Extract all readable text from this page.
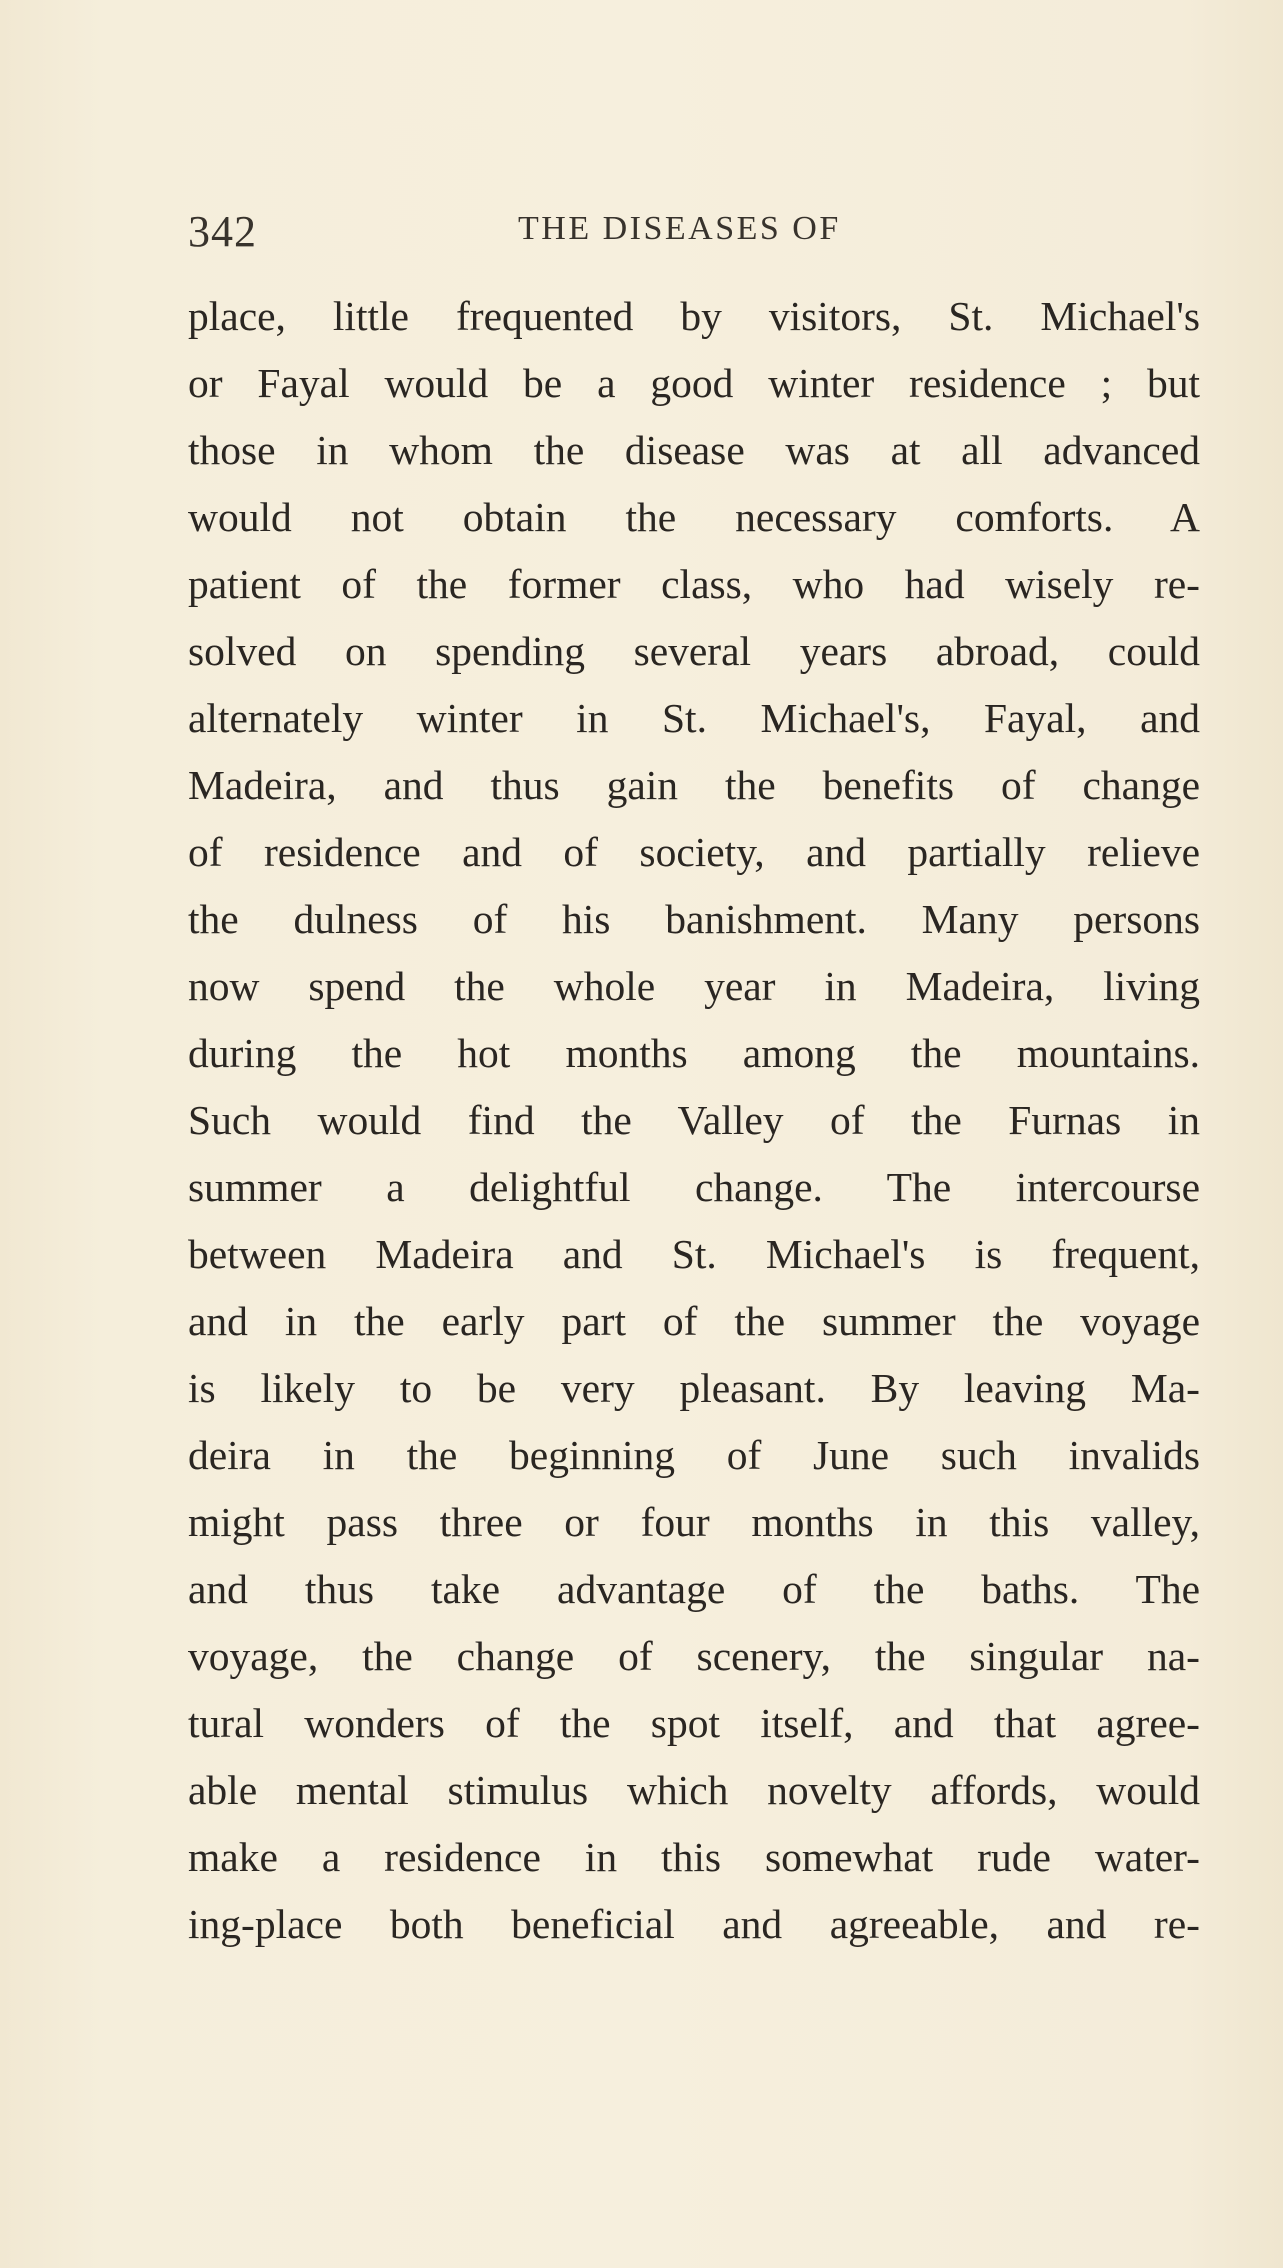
342	THE DISEASES OF
place, little frequented by visitors, St. Michael's
or Fayal would be a good winter residence ; but
those in whom the disease was at all advanced
would not obtain the necessary comforts. A
patient of the former class, who had wisely re-
solved on spending several years abroad, could
alternately winter in St. Michael's, Fayal, and
Madeira, and thus gain the benefits of change
of residence and of society, and partially relieve
the dulness of his banishment. Many persons
now spend the whole year in Madeira, living
during the hot months among the mountains.
Such would find the Valley of the Furnas in
summer a delightful change. The intercourse
between Madeira and St. Michael's is frequent,
and in the early part of the summer the voyage
is likely to be very pleasant. By leaving Ma-
deira in the beginning of June such invalids
might pass three or four months in this valley,
and thus take advantage of the baths. The
voyage, the change of scenery, the singular na-
tural wonders of the spot itself, and that agree-
able mental stimulus which novelty affords, would
make a residence in this somewhat rude water-
ing-place both beneficial and agreeable, and re-
